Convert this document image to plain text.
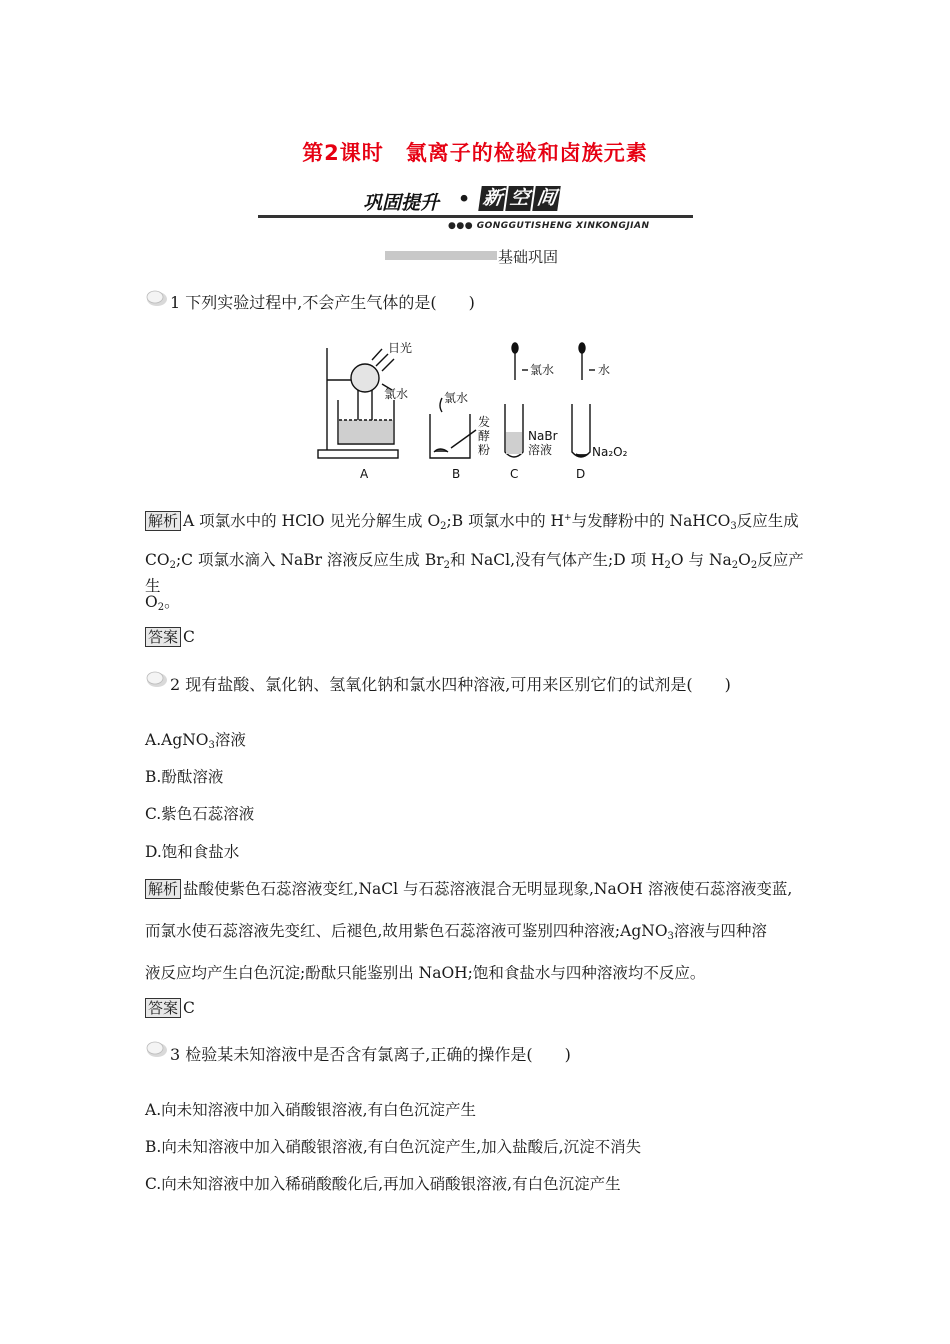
第2课时　氯离子的检验和卤族元素
巩固提升 • 新 空 间
●●● GONGGUTISHENG XINKONGJIAN
基础巩固
1 下列实验过程中,不会产生气体的是(　　)
日光
氯水
A
氯水
发
酵
粉
B
氯水
NaBr
溶液
C
水
Na₂O₂
D
解析 A 项氯水中的 HClO 见光分解生成 $O_2;B$ 项氯水中的 H+与发酵粉中的 NaHCO$_3$反应生成
$CO_2;C$ 项氯水滴入 NaBr 溶液反应生成 $Br_2$和 NaCl,没有气体产生;D 项 $H_2O$ 与 $Na_2O_2$反应产生
$O_2$。
答案 C
2 现有盐酸、氯化钠、氢氧化钠和氯水四种溶液,可用来区别它们的试剂是(　　)
A.AgNO$_3$溶液
B.酚酞溶液
C.紫色石蕊溶液
D.饱和食盐水
解析 盐酸使紫色石蕊溶液变红,NaCl 与石蕊溶液混合无明显现象,NaOH 溶液使石蕊溶液变蓝,
而氯水使石蕊溶液先变红、后褪色,故用紫色石蕊溶液可鉴别四种溶液;AgNO$_3$溶液与四种溶
液反应均产生白色沉淀;酚酞只能鉴别出 NaOH;饱和食盐水与四种溶液均不反应。
答案 C
3 检验某未知溶液中是否含有氯离子,正确的操作是(　　)
A.向未知溶液中加入硝酸银溶液,有白色沉淀产生
B.向未知溶液中加入硝酸银溶液,有白色沉淀产生,加入盐酸后,沉淀不消失
C.向未知溶液中加入稀硝酸酸化后,再加入硝酸银溶液,有白色沉淀产生
